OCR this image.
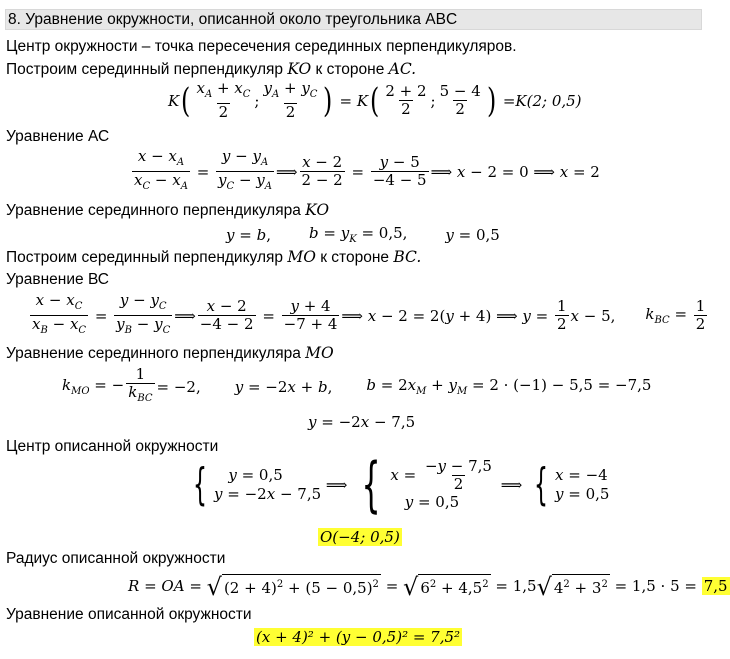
8. Уравнение окружности, описанной около треугольника ABC
Центр окружности – точка пересечения серединных перпендикуляров.
Построим серединный перпендикуляр KO к стороне AC.
K ( $x_A + x_C$
2
;
$y_A + y_C$
2 ) = K ( 2 + 2
2 ;
5 − 4
2 ) = K(2; 0,5)
Уравнение АС
$\frac{x - x_A}{x_C - x_A} = \frac{y - y_A}{y_C - y_A}$ ⟹ $\frac{x - 2}{2 - 2} = \frac{y - 5}{-4 - 5}$ ⟹ x − 2 = 0 ⟹ x = 2
Уравнение серединного перпендикуляра KO
y = b,	$b = y_K = 0,5$,	y = 0,5
Построим серединный перпендикуляр MO к стороне BC.
Уравнение ВС
$\frac{x - x_C}{x_B - x_C} = \frac{y - y_C}{y_B - y_C}$ ⟹ $\frac{x - 2}{-4 - 2} = \frac{y + 4}{-7 + 4}$ ⟹ x − 2 = 2(y + 4) ⟹ $y = \frac{1}{2}$ x − 5, $k_{BC} = \frac{1}{2}$
Уравнение серединного перпендикуляра MO
$k_{MO}$ = −
1
$k_{BC}$
= −2, y = −2x + b, $b = 2x_M + y_M = 2 \cdot (-1) - 5,5 = -7,5$
y = −2x − 7,5
Центр описанной окружности
{	y = 0,5
y = −2x − 7,5 ⟹ { x = −y − 7,5
2
y = 0,5
⟹ { x = −4
y = 0,5
O(−4; 0,5)
Радиус описанной окружности
R = OA = √ $(2 + 4)^2 + (5 - 0,5)^2$ = √ $6^2 + 4,5^2 = 1,5$ √ $4^2 + 3^2 = 1,5 \cdot 5 = 7,5$
Уравнение описанной окружности
(x + 4)² + (y − 0,5)² = 7,5²
